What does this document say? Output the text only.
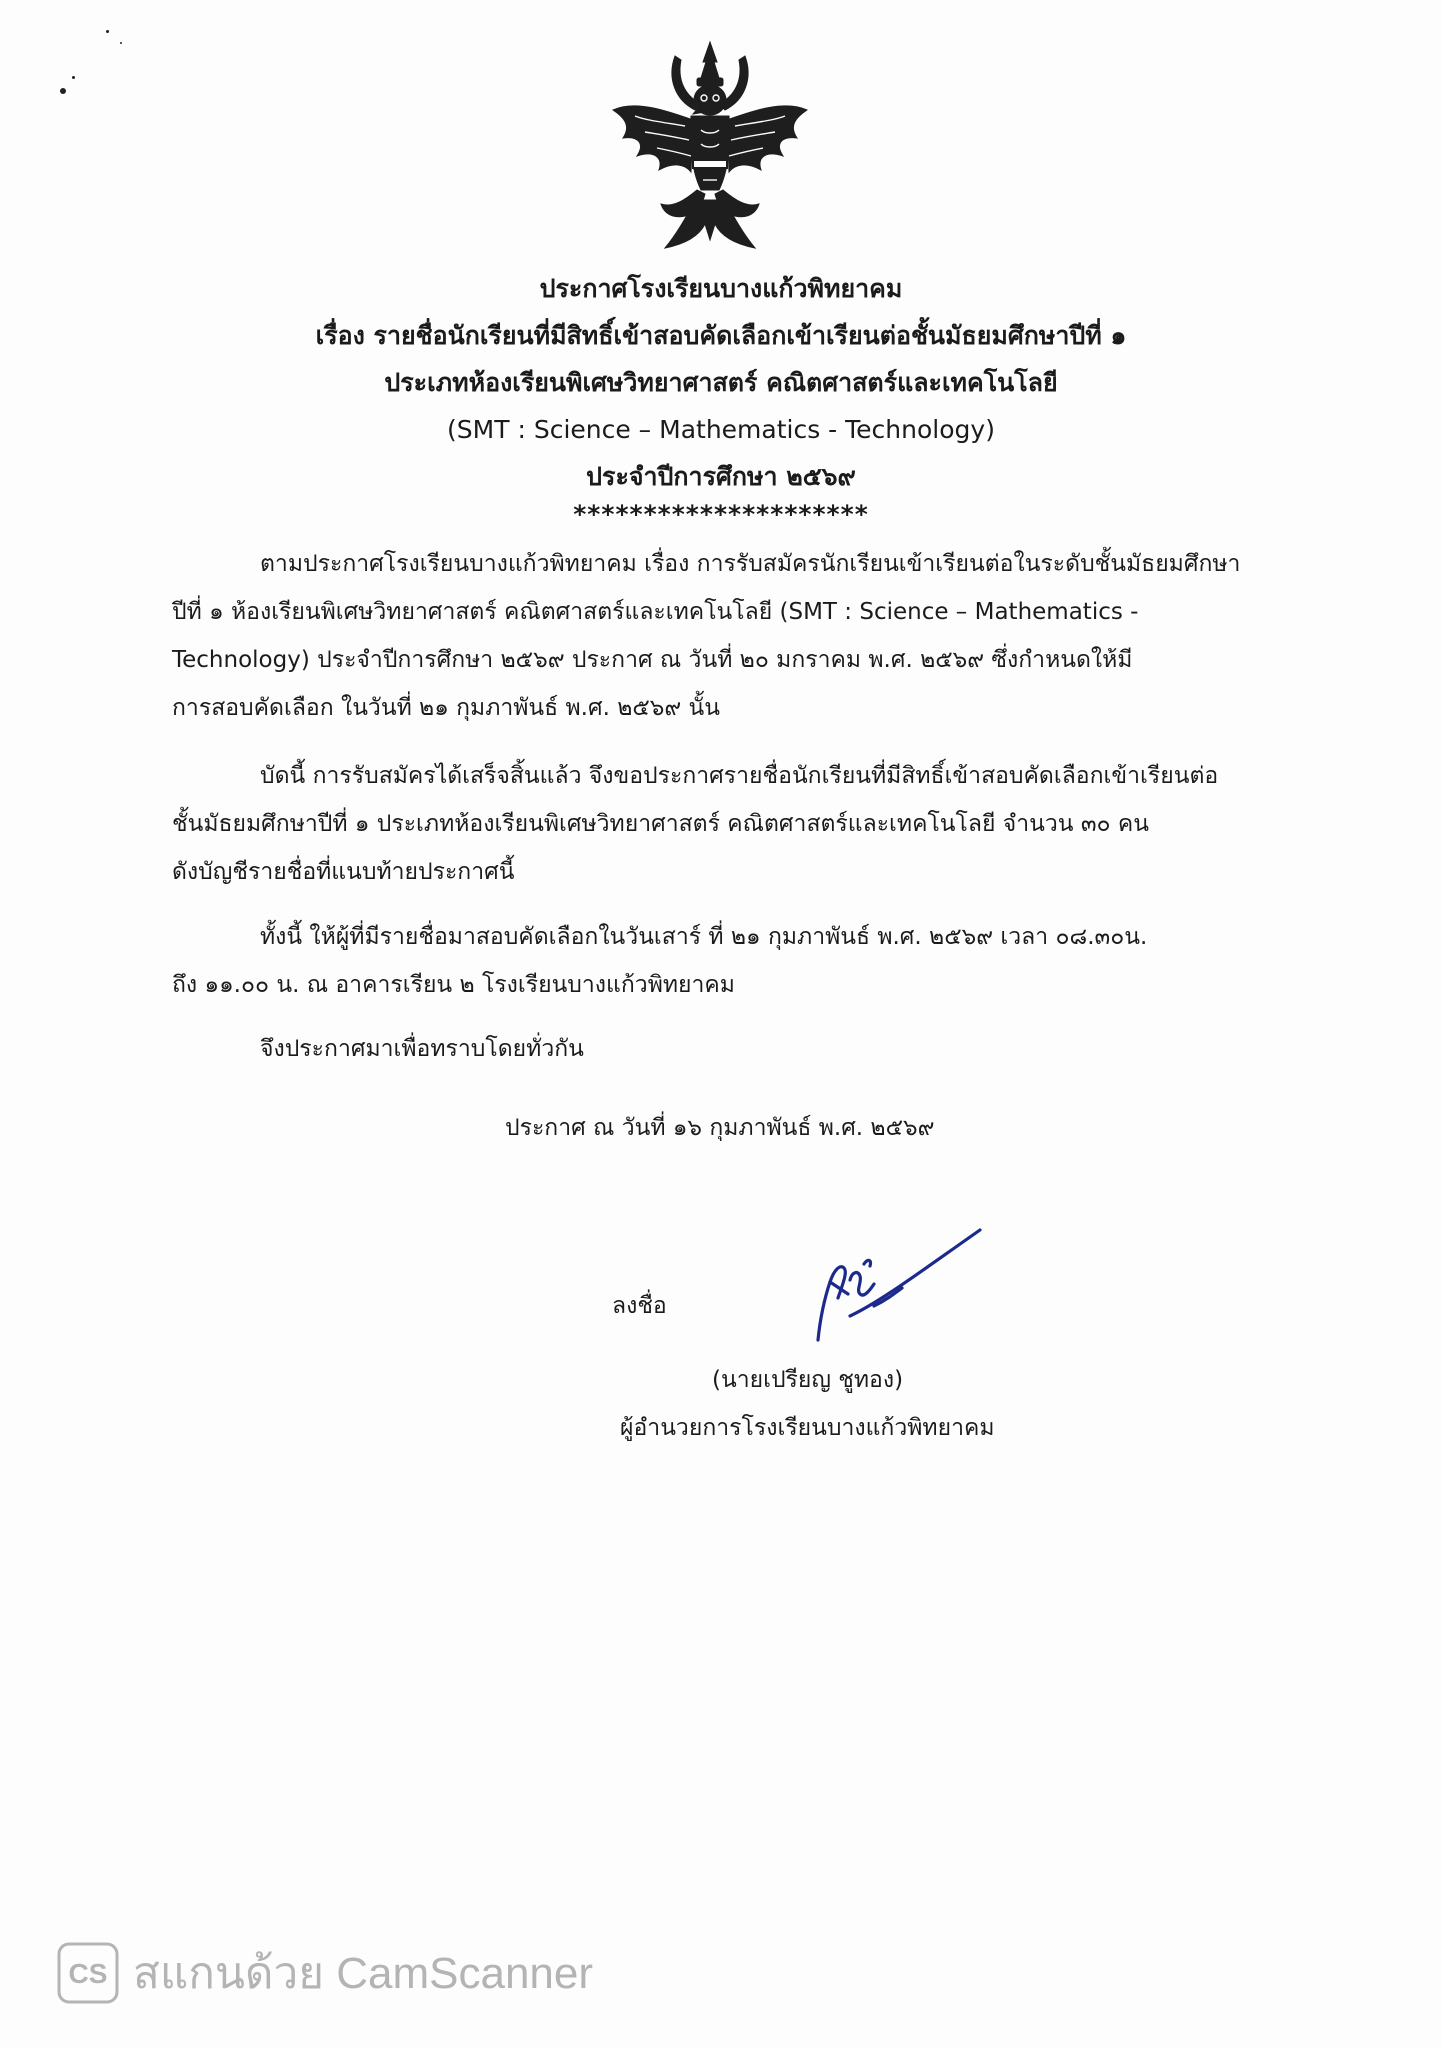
ประกาศโรงเรียนบางแก้วพิทยาคม
เรื่อง รายชื่อนักเรียนที่มีสิทธิ์เข้าสอบคัดเลือกเข้าเรียนต่อชั้นมัธยมศึกษาปีที่ ๑
ประเภทห้องเรียนพิเศษวิทยาศาสตร์ คณิตศาสตร์และเทคโนโลยี
(SMT : Science – Mathematics - Technology)
ประจำปีการศึกษา ๒๕๖๙
*********************
ตามประกาศโรงเรียนบางแก้วพิทยาคม เรื่อง การรับสมัครนักเรียนเข้าเรียนต่อในระดับชั้นมัธยมศึกษา
ปีที่ ๑ ห้องเรียนพิเศษวิทยาศาสตร์ คณิตศาสตร์และเทคโนโลยี (SMT : Science – Mathematics -
Technology) ประจำปีการศึกษา ๒๕๖๙ ประกาศ ณ วันที่ ๒๐ มกราคม พ.ศ. ๒๕๖๙ ซึ่งกำหนดให้มี
การสอบคัดเลือก ในวันที่ ๒๑ กุมภาพันธ์ พ.ศ. ๒๕๖๙ นั้น
บัดนี้ การรับสมัครได้เสร็จสิ้นแล้ว จึงขอประกาศรายชื่อนักเรียนที่มีสิทธิ์เข้าสอบคัดเลือกเข้าเรียนต่อ
ชั้นมัธยมศึกษาปีที่ ๑ ประเภทห้องเรียนพิเศษวิทยาศาสตร์ คณิตศาสตร์และเทคโนโลยี จำนวน ๓๐ คน
ดังบัญชีรายชื่อที่แนบท้ายประกาศนี้
ทั้งนี้ ให้ผู้ที่มีรายชื่อมาสอบคัดเลือกในวันเสาร์ ที่ ๒๑ กุมภาพันธ์ พ.ศ. ๒๕๖๙ เวลา ๐๘.๓๐น.
ถึง ๑๑.๐๐ น. ณ อาคารเรียน ๒ โรงเรียนบางแก้วพิทยาคม
จึงประกาศมาเพื่อทราบโดยทั่วกัน
ประกาศ ณ วันที่ ๑๖ กุมภาพันธ์ พ.ศ. ๒๕๖๙
ลงชื่อ
(นายเปรียญ ชูทอง)
ผู้อำนวยการโรงเรียนบางแก้วพิทยาคม
CS สแกนด้วย CamScanner
